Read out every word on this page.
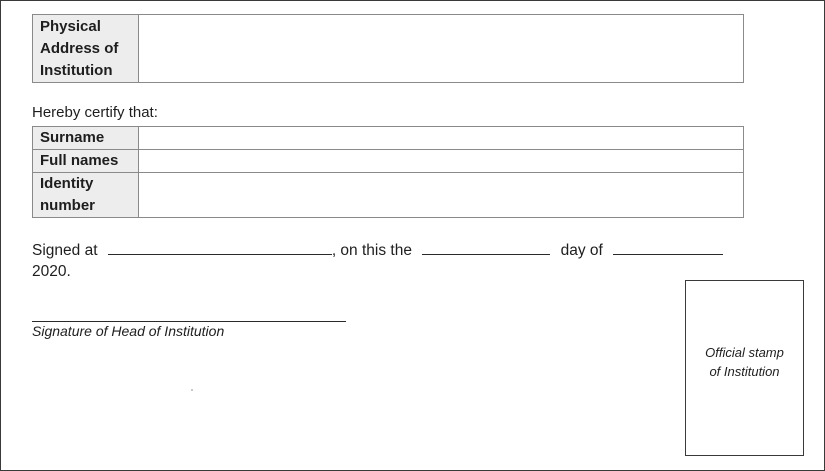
Physical
Address of
Institution

Hereby certify that:
Surname	
Full names	

Identity
number	

Signed at	, on this the	day of
2020.
Signature of Head of Institution
Official stamp
of Institution
